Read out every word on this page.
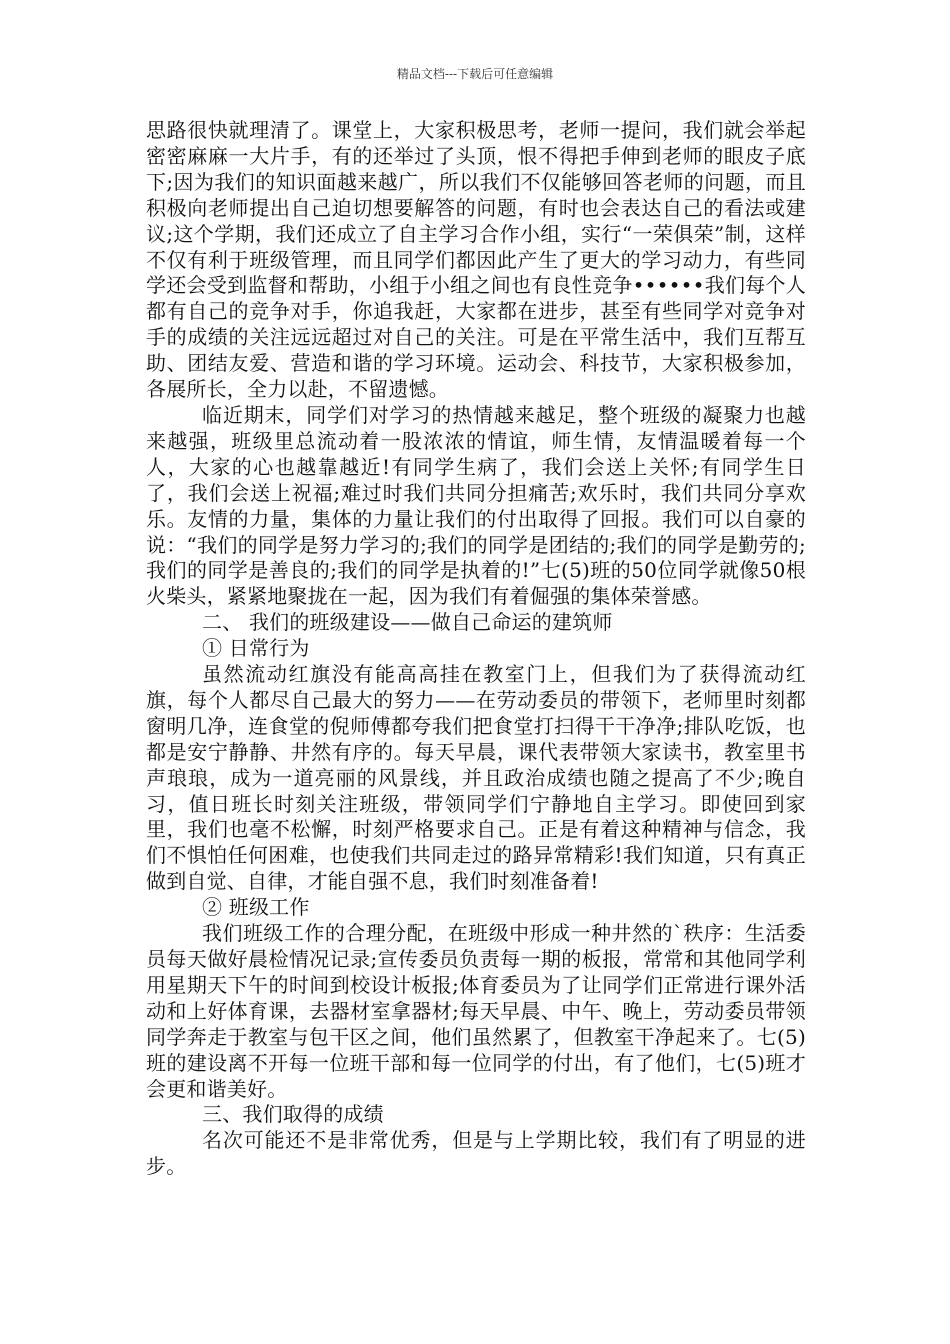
精品文档---下载后可任意编辑

思路很快就理清了。课堂上，大家积极思考，老师一提问，我们就会举起密密麻麻一大片手，有的还举过了头顶，恨不得把手伸到老师的眼皮子底下;因为我们的知识面越来越广，所以我们不仅能够回答老师的问题，而且积极向老师提出自己迫切想要解答的问题，有时也会表达自己的看法或建议;这个学期，我们还成立了自主学习合作小组，实行“一荣俱荣”制，这样不仅有利于班级管理，而且同学们都因此产生了更大的学习动力，有些同学还会受到监督和帮助，小组于小组之间也有良性竞争••••••我们每个人都有自己的竞争对手，你追我赶，大家都在进步，甚至有些同学对竞争对手的成绩的关注远远超过对自己的关注。可是在平常生活中，我们互帮互助、团结友爱、营造和谐的学习环境。运动会、科技节，大家积极参加，各展所长，全力以赴，不留遗憾。

临近期末，同学们对学习的热情越来越足，整个班级的凝聚力也越来越强，班级里总流动着一股浓浓的情谊，师生情，友情温暖着每一个人，大家的心也越靠越近!有同学生病了，我们会送上关怀;有同学生日了，我们会送上祝福;难过时我们共同分担痛苦;欢乐时，我们共同分享欢乐。友情的力量，集体的力量让我们的付出取得了回报。我们可以自豪的说：“我们的同学是努力学习的;我们的同学是团结的;我们的同学是勤劳的;我们的同学是善良的;我们的同学是执着的!”七(5)班的50位同学就像50根火柴头，紧紧地聚拢在一起，因为我们有着倔强的集体荣誉感。

二、 我们的班级建设——做自己命运的建筑师

① 日常行为

虽然流动红旗没有能高高挂在教室门上，但我们为了获得流动红旗，每个人都尽自己最大的努力——在劳动委员的带领下，老师里时刻都窗明几净，连食堂的倪师傅都夸我们把食堂打扫得干干净净;排队吃饭，也都是安宁静静、井然有序的。每天早晨，课代表带领大家读书，教室里书声琅琅，成为一道亮丽的风景线，并且政治成绩也随之提高了不少;晚自习，值日班长时刻关注班级，带领同学们宁静地自主学习。即使回到家里，我们也毫不松懈，时刻严格要求自己。正是有着这种精神与信念，我们不惧怕任何困难，也使我们共同走过的路异常精彩!我们知道，只有真正做到自觉、自律，才能自强不息，我们时刻准备着!

② 班级工作

我们班级工作的合理分配，在班级中形成一种井然的`秩序：生活委员每天做好晨检情况记录;宣传委员负责每一期的板报，常常和其他同学利用星期天下午的时间到校设计板报;体育委员为了让同学们正常进行课外活动和上好体育课，去器材室拿器材;每天早晨、中午、晚上，劳动委员带领同学奔走于教室与包干区之间，他们虽然累了，但教室干净起来了。七(5)班的建设离不开每一位班干部和每一位同学的付出，有了他们，七(5)班才会更和谐美好。

三、我们取得的成绩

名次可能还不是非常优秀，但是与上学期比较，我们有了明显的进步。
